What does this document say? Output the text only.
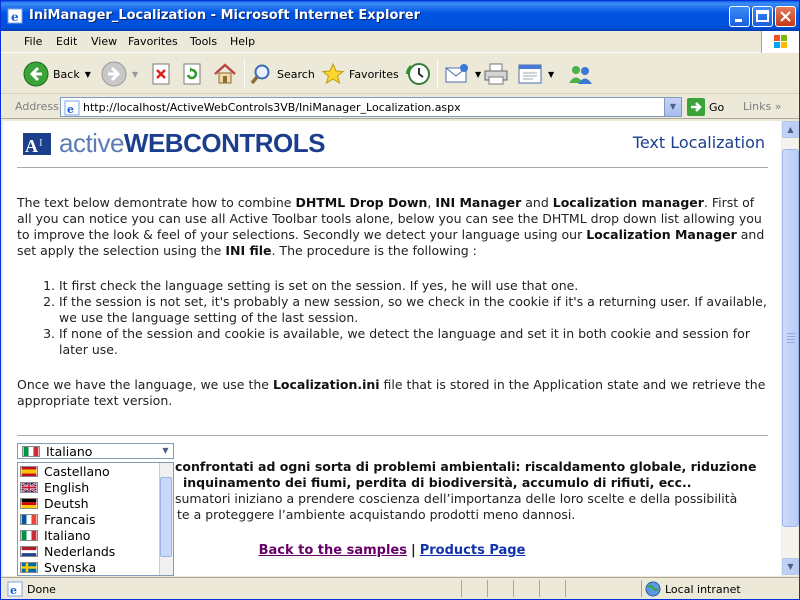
e IniManager_Localization - Microsoft Internet Explorer
File Edit View Favorites Tools Help
Back ▼	▼	Search	Favorites	▼	▼
Address e http://localhost/ActiveWebControls3VB/IniManager_Localization.aspx	▼	Go Links »
A I activeWEBCONTROLS	Text Localization
The text below demontrate how to combine DHTML Drop Down, INI Manager and Localization manager. First of all you can notice you can use all Active Toolbar tools alone, below you can see the DHTML drop down list allowing you to improve the look & feel of your selections. Secondly we detect your language using our Localization Manager and set apply the selection using the INI file. The procedure is the following :
1. It first check the language setting is set on the session. If yes, he will use that one.
2. If the session is not set, it's probably a new session, so we check in the cookie if it's a returning user. If available, we use the language setting of the last session.
3. If none of the session and cookie is available, we detect the language and set it in both cookie and session for later use.
Once we have the language, we use the Localization.ini file that is stored in the Application state and we retrieve the appropriate text version.
confrontati ad ogni sorta di problemi ambientali: riscaldamento globale, riduzione
inquinamento dei fiumi, perdita di biodiversità, accumulo di rifiuti, ecc..
sumatori iniziano a prendere coscienza dell’importanza delle loro scelte e della possibilità
te a proteggere l’ambiente acquistando prodotti meno dannosi.
Italiano	▼
Castellano
English
Deutsh
Francais
Italiano
Nederlands
Svenska
Back to the samples | Products Page
▲
▼
e Done	Local intranet
